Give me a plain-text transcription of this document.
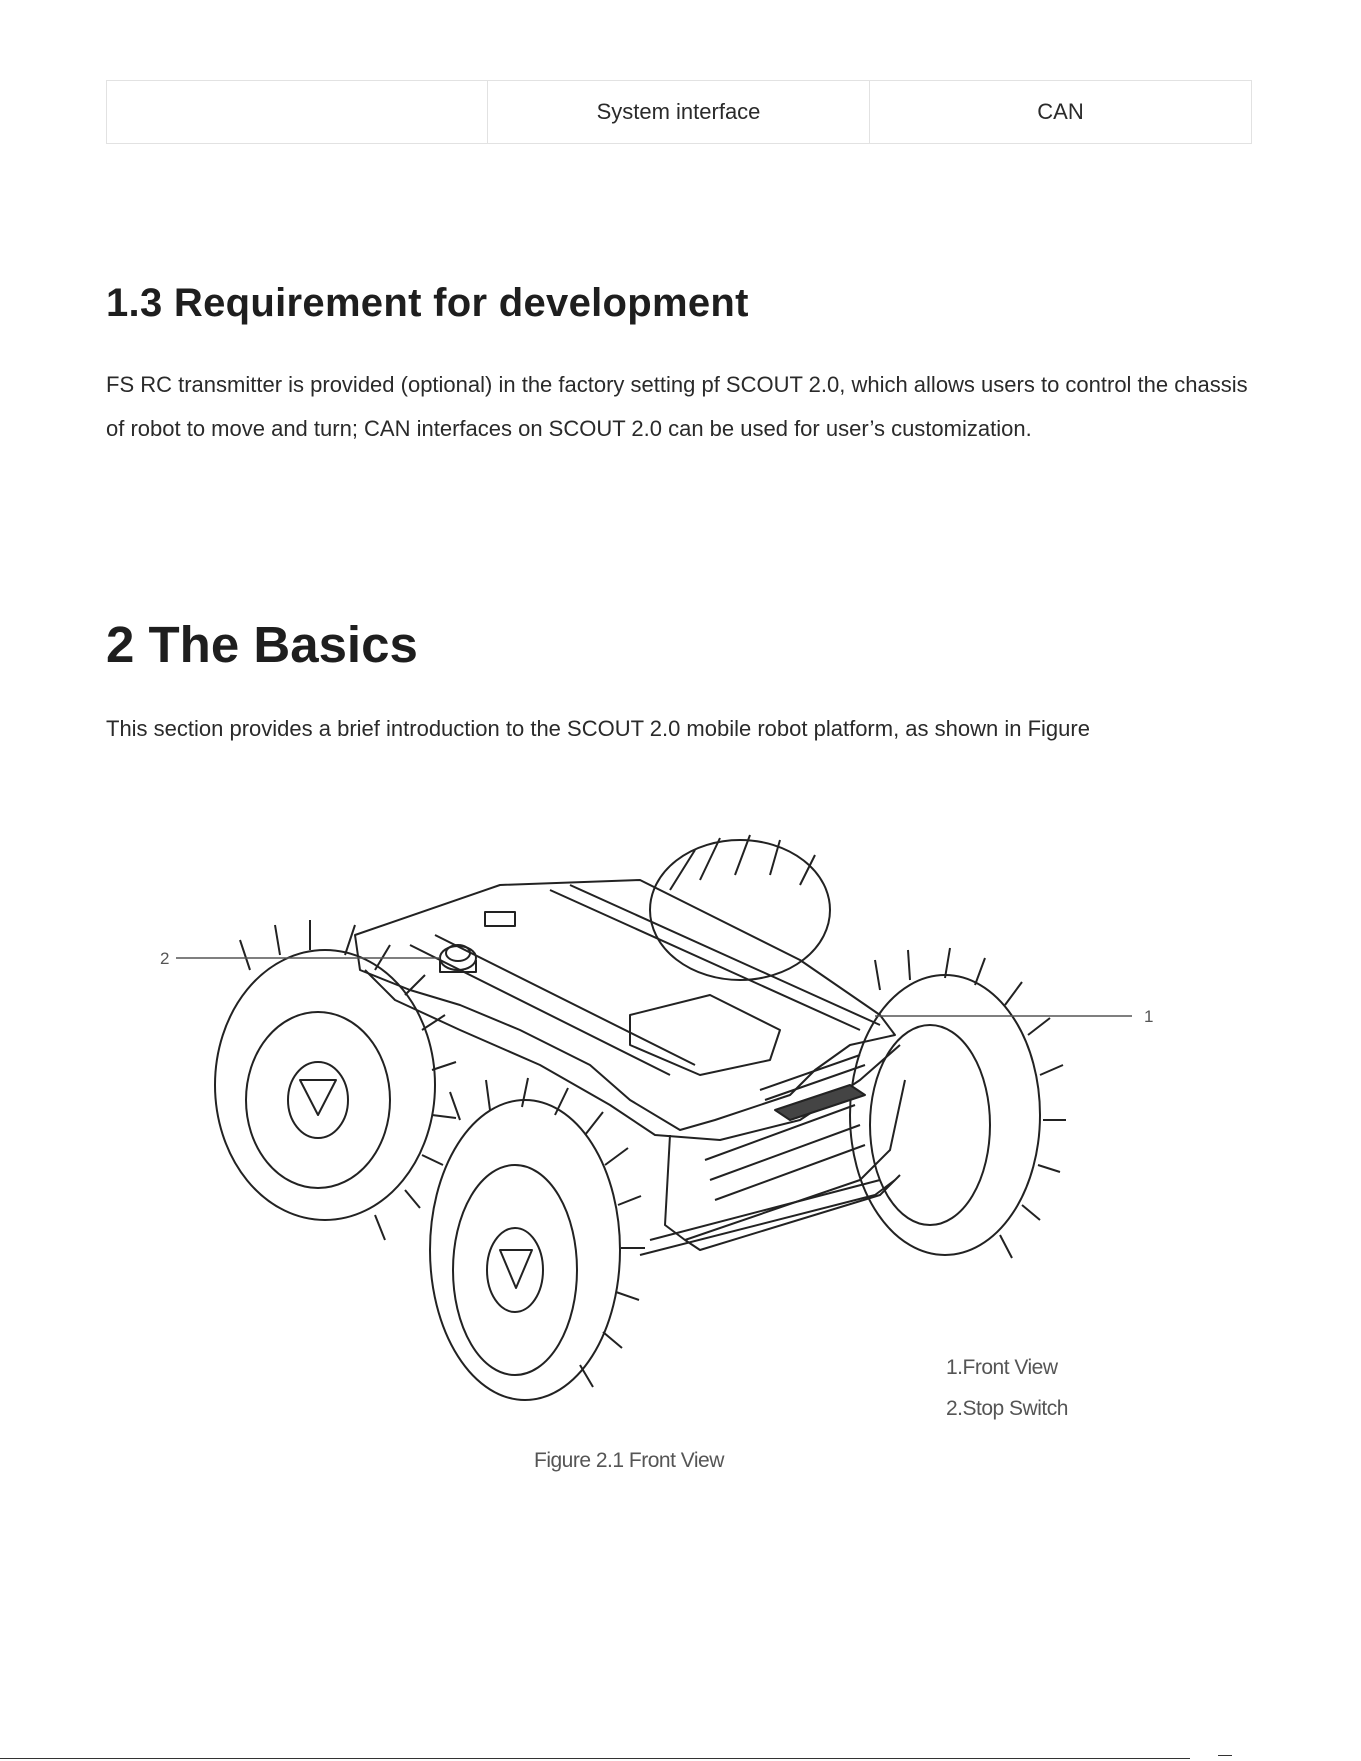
	System interface	CAN
1.3 Requirement for development

FS RC transmitter is provided (optional) in the factory setting pf SCOUT 2.0, which allows users to control the chassis of robot to move and turn; CAN interfaces on SCOUT 2.0 can be used for user’s customization.

2 The Basics

This section provides a brief introduction to the SCOUT 2.0 mobile robot platform, as shown in Figure

2
1
1.Front View
2.Stop Switch
Figure 2.1 Front View
